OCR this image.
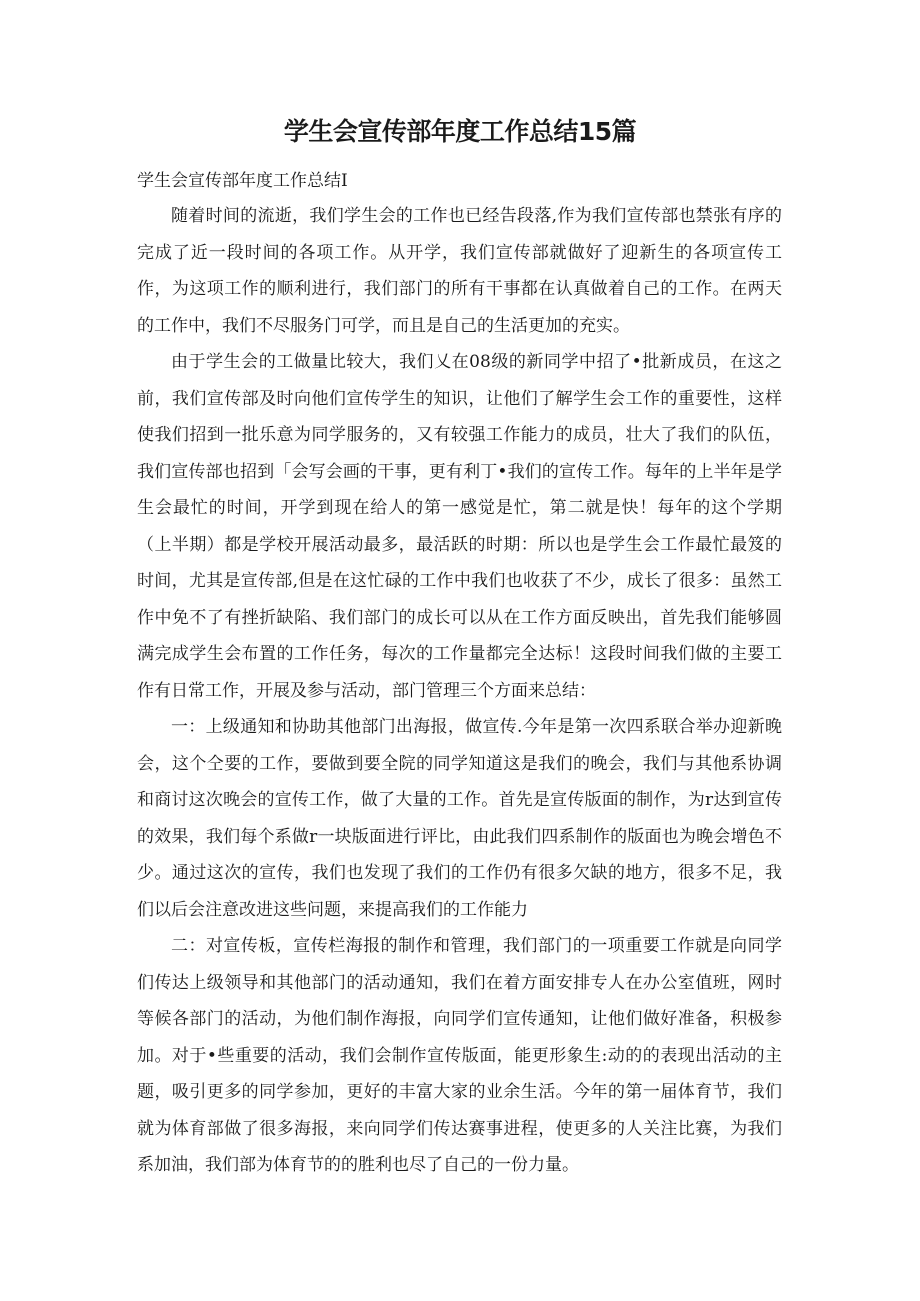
学生会宣传部年度工作总结15篇
学生会宣传部年度工作总结I

随着时间的流逝，我们学生会的工作也已经告段落,作为我们宣传部也禁张有序的完成了近一段时间的各项工作。从开学，我们宣传部就做好了迎新生的各项宣传工作，为这项工作的顺利进行，我们部门的所有干事都在认真做着自己的工作。在两天的工作中，我们不尽服务门可学，而且是自己的生活更加的充实。

由于学生会的工做量比较大，我们乂在08级的新同学中招了•批新成员，在这之前，我们宣传部及时向他们宣传学生的知识，让他们了解学生会工作的重要性，这样使我们招到一批乐意为同学服务的，又有较强工作能力的成员，壮大了我们的队伍，我们宣传部也招到「会写会画的干事，更有利丁•我们的宣传工作。每年的上半年是学生会最忙的时间，开学到现在给人的第一感觉是忙，第二就是快！每年的这个学期（上半期）都是学校开展活动最多，最活跃的时期：所以也是学生会工作最忙最笈的时间，尤其是宣传部,但是在这忙碌的工作中我们也收获了不少，成长了很多：虽然工作中免不了有挫折缺陷、我们部门的成长可以从在工作方面反映出，首先我们能够圆满完成学生会布置的工作任务，每次的工作量都完全达标！这段时间我们做的主要工作有日常工作，开展及参与活动，部门管理三个方面来总结：

一：上级通知和协助其他部门出海报，做宣传.今年是第一次四系联合举办迎新晚会，这个仝要的工作，要做到要全院的同学知道这是我们的晚会，我们与其他系协调和商讨这次晚会的宣传工作，做了大量的工作。首先是宣传版面的制作，为r达到宣传的效果，我们每个系做r一块版面进行评比，由此我们四系制作的版面也为晚会增色不少。通过这次的宣传，我们也发现了我们的工作仍有很多欠缺的地方，很多不足，我们以后会注意改进这些问题，来提高我们的工作能力

二：对宣传板，宣传栏海报的制作和管理，我们部门的一项重要工作就是向同学们传达上级领导和其他部门的活动通知，我们在着方面安排专人在办公室值班，网时等候各部门的活动，为他们制作海报，向同学们宣传通知，让他们做好准备，积极参加。对于•些重要的活动，我们会制作宣传版面，能更形象生:动的的表现出活动的主题，吸引更多的同学参加，更好的丰富大家的业余生活。今年的第一届体育节，我们就为体育部做了很多海报，来向同学们传达赛事进程，使更多的人关注比赛，为我们系加油，我们部为体育节的的胜利也尽了自己的一份力量。
